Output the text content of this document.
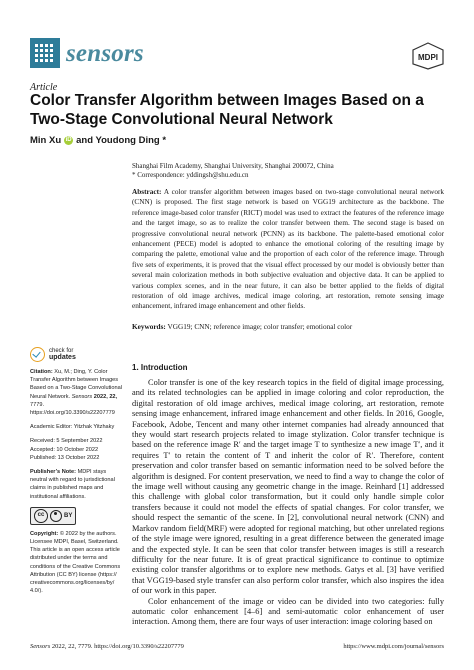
sensors	MDPI
Article
Color Transfer Algorithm between Images Based on a Two-Stage Convolutional Neural Network
Min Xu iD and Youdong Ding *
Shanghai Film Academy, Shanghai University, Shanghai 200072, China
* Correspondence: yddingsh@shu.edu.cn
Abstract: A color transfer algorithm between images based on two-stage convolutional neural network (CNN) is proposed. The first stage network is based on VGG19 architecture as the backbone. The reference image-based color transfer (RICT) model was used to extract the features of the reference image and the target image, so as to realize the color transfer between them. The second stage is based on progressive convolutional neural network (PCNN) as its backbone. The palette-based emotional color enhancement (PECE) model is adopted to enhance the emotional coloring of the resulting image by comparing the palette, emotional value and the proportion of each color of the reference image. Through five sets of experiments, it is proved that the visual effect processed by our model is obviously better than several main colorization methods in both subjective evaluation and objective data. It can be applied to various complex scenes, and in the near future, it can also be better applied to the fields of digital restoration of old image archives, medical image coloring, art restoration, remote sensing image enhancement, infrared image enhancement and other fields.
Keywords: VGG19; CNN; reference image; color transfer; emotional color
check for
updates
Citation: Xu, M.; Ding, Y. Color Transfer Algorithm between Images Based on a Two-Stage Convolutional Neural Network. Sensors 2022, 22, 7779. https://doi.org/10.3390/s22207779
Academic Editor: Yitzhak Yitzhaky
Received: 5 September 2022
Accepted: 10 October 2022
Published: 13 October 2022
Publisher’s Note: MDPI stays neutral with regard to jurisdictional claims in published maps and institutional affiliations.
cc	BY
Copyright: © 2022 by the authors. Licensee MDPI, Basel, Switzerland. This article is an open access article distributed under the terms and conditions of the Creative Commons Attribution (CC BY) license (https:// creativecommons.org/licenses/by/ 4.0/).
1. Introduction

Color transfer is one of the key research topics in the field of digital image processing, and its related technologies can be applied in image coloring and color reproduction, the digital restoration of old image archives, medical image coloring, art restoration, remote sensing image enhancement, infrared image enhancement and other fields. In 2016, Google, Facebook, Adobe, Tencent and many other internet companies had already announced that they would start research projects related to image stylization. Color transfer technique is based on the reference image R′ and the target image T to synthesize a new image T′, and it requires T′ to retain the content of T and inherit the color of R′. Therefore, content preservation and color transfer based on semantic information need to be solved before the algorithm is designed. For content preservation, we need to find a way to change the color of the image well without causing any geometric change in the image. Reinhard [1] addressed this challenge with global color transformation, but it could only handle simple color transfers because it could not model the effects of spatial changes. For color transfer, we should respect the semantic of the scene. In [2], convolutional neural network (CNN) and Markov random field(MRF) were adopted for regional matching, but other unrelated regions of the style image were ignored, resulting in a great difference between the generated image and the expected style. It can be seen that color transfer between images is still a research difficulty for the near future. It is of great practical significance to continue to optimize existing color transfer algorithms or to explore new methods. Gatys et al. [3] have verified that VGG19-based style transfer can also perform color transfer, which also inspires the idea of our work in this paper.

Color enhancement of the image or video can be divided into two categories: fully automatic color enhancement [4–6] and semi-automatic color enhancement of user interaction. Among them, there are four ways of user interaction: image coloring based on

Sensors 2022, 22, 7779. https://doi.org/10.3390/s22207779	https://www.mdpi.com/journal/sensors
